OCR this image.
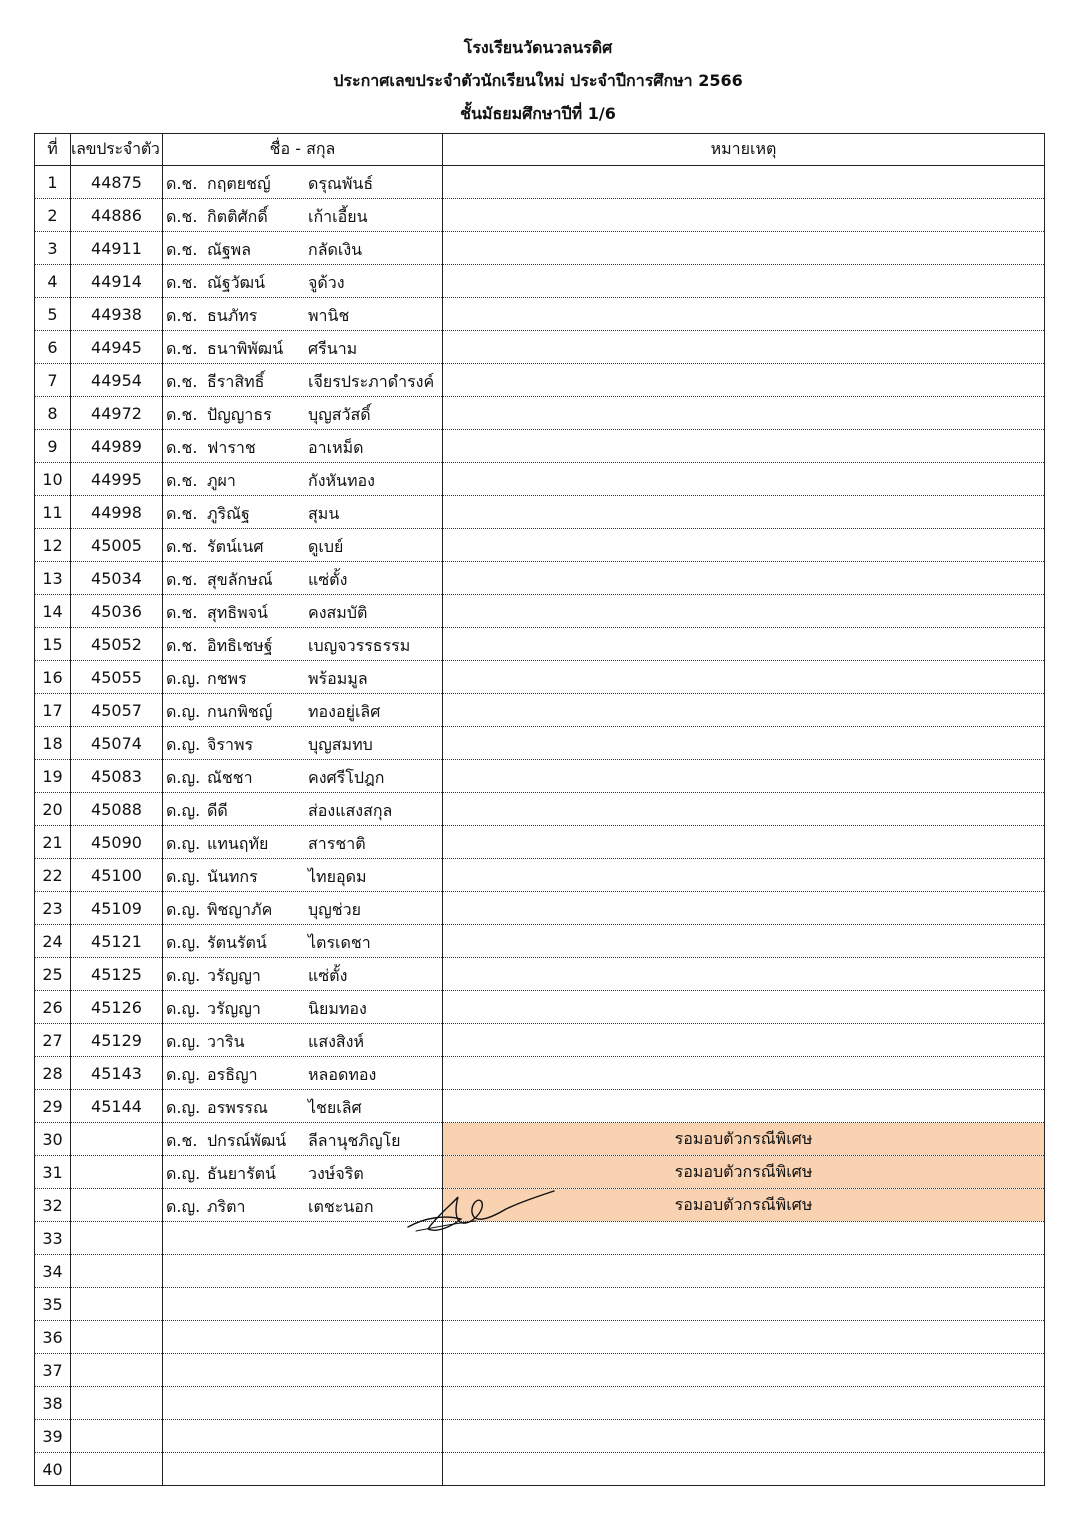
โรงเรียนวัดนวลนรดิศ
ประกาศเลขประจำตัวนักเรียนใหม่ ประจำปีการศึกษา 2566
ชั้นมัธยมศึกษาปีที่ 1/6
ที่	เลขประจำตัว	ชื่อ - สกุล	หมายเหตุ
1	44875	ด.ช. กฤตยชญ์ ดรุณพันธ์	

2	44886	ด.ช. กิตติศักดิ์ เก้าเอี้ยน	

3	44911	ด.ช. ณัฐพล กลัดเงิน	

4	44914	ด.ช. ณัฐวัฒน์ จูด้วง	

5	44938	ด.ช. ธนภัทร พานิช	

6	44945	ด.ช. ธนาพิพัฒน์ ศรีนาม	

7	44954	ด.ช. ธีราสิทธิ์ เจียรประภาดำรงค์	

8	44972	ด.ช. ปัญญาธร บุญสวัสดิ์	

9	44989	ด.ช. ฟาราช อาเหม็ด	

10	44995	ด.ช. ภูผา กังหันทอง	

11	44998	ด.ช. ภูริณัฐ สุมน	

12	45005	ด.ช. รัตน์เนศ ดูเบย์	

13	45034	ด.ช. สุขลักษณ์ แซ่ตั้ง	

14	45036	ด.ช. สุทธิพจน์ คงสมบัติ	

15	45052	ด.ช. อิทธิเชษฐ์ เบญจวรรธรรม	

16	45055	ด.ญ. กชพร พร้อมมูล	

17	45057	ด.ญ. กนกพิชญ์ ทองอยู่เลิศ	

18	45074	ด.ญ. จิราพร บุญสมทบ	

19	45083	ด.ญ. ณัชชา คงศรีโปฎก	

20	45088	ด.ญ. ดีดี ส่องแสงสกุล	

21	45090	ด.ญ. แทนฤทัย สารชาติ	

22	45100	ด.ญ. นันทกร ไทยอุดม	

23	45109	ด.ญ. พิชญาภัค บุญช่วย	

24	45121	ด.ญ. รัตนรัตน์ ไตรเดชา	

25	45125	ด.ญ. วรัญญา แซ่ตั้ง	

26	45126	ด.ญ. วรัญญา นิยมทอง	

27	45129	ด.ญ. วาริน แสงสิงห์	

28	45143	ด.ญ. อรธิญา หลอดทอง	

29	45144	ด.ญ. อรพรรณ ไชยเลิศ	

30		ด.ช. ปกรณ์พัฒน์ ลีลานุชภิญโย	รอมอบตัวกรณีพิเศษ
31		ด.ญ. ธันยารัตน์ วงษ์จริต	รอมอบตัวกรณีพิเศษ
32		ด.ญ. ภริตา เตชะนอก	รอมอบตัวกรณีพิเศษ
33		

34		

35		

36		

37		

38		

39		

40		
